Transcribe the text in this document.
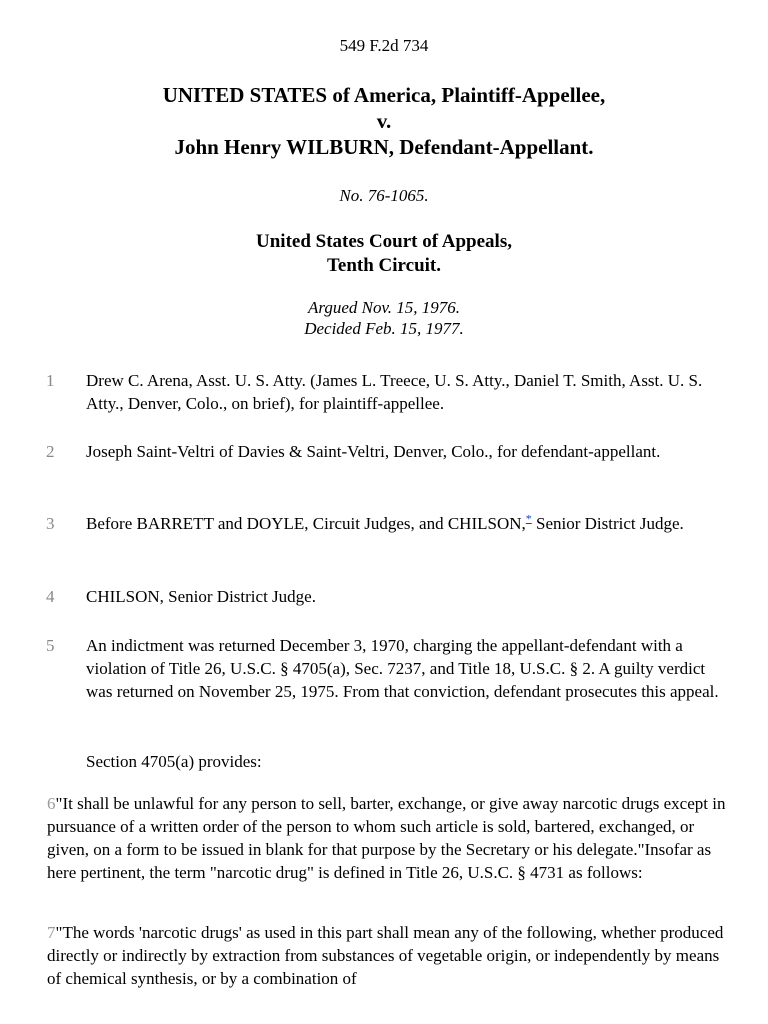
549 F.2d 734
UNITED STATES of America, Plaintiff-Appellee,
v.
John Henry WILBURN, Defendant-Appellant.
No. 76-1065.
United States Court of Appeals,
Tenth Circuit.
Argued Nov. 15, 1976.
Decided Feb. 15, 1977.
1 Drew C. Arena, Asst. U. S. Atty. (James L. Treece, U. S. Atty., Daniel T. Smith, Asst. U. S. Atty., Denver, Colo., on brief), for plaintiff-appellee.
2 Joseph Saint-Veltri of Davies & Saint-Veltri, Denver, Colo., for defendant-appellant.
3 Before BARRETT and DOYLE, Circuit Judges, and CHILSON,* Senior District Judge.
4 CHILSON, Senior District Judge.
5 An indictment was returned December 3, 1970, charging the appellant-defendant with a violation of Title 26, U.S.C. § 4705(a), Sec. 7237, and Title 18, U.S.C. § 2. A guilty verdict was returned on November 25, 1975. From that conviction, defendant prosecutes this appeal.
Section 4705(a) provides:
6"It shall be unlawful for any person to sell, barter, exchange, or give away narcotic drugs except in pursuance of a written order of the person to whom such article is sold, bartered, exchanged, or given, on a form to be issued in blank for that purpose by the Secretary or his delegate."Insofar as here pertinent, the term "narcotic drug" is defined in Title 26, U.S.C. § 4731 as follows:
7"The words 'narcotic drugs' as used in this part shall mean any of the following, whether produced directly or indirectly by extraction from substances of vegetable origin, or independently by means of chemical synthesis, or by a combination of
